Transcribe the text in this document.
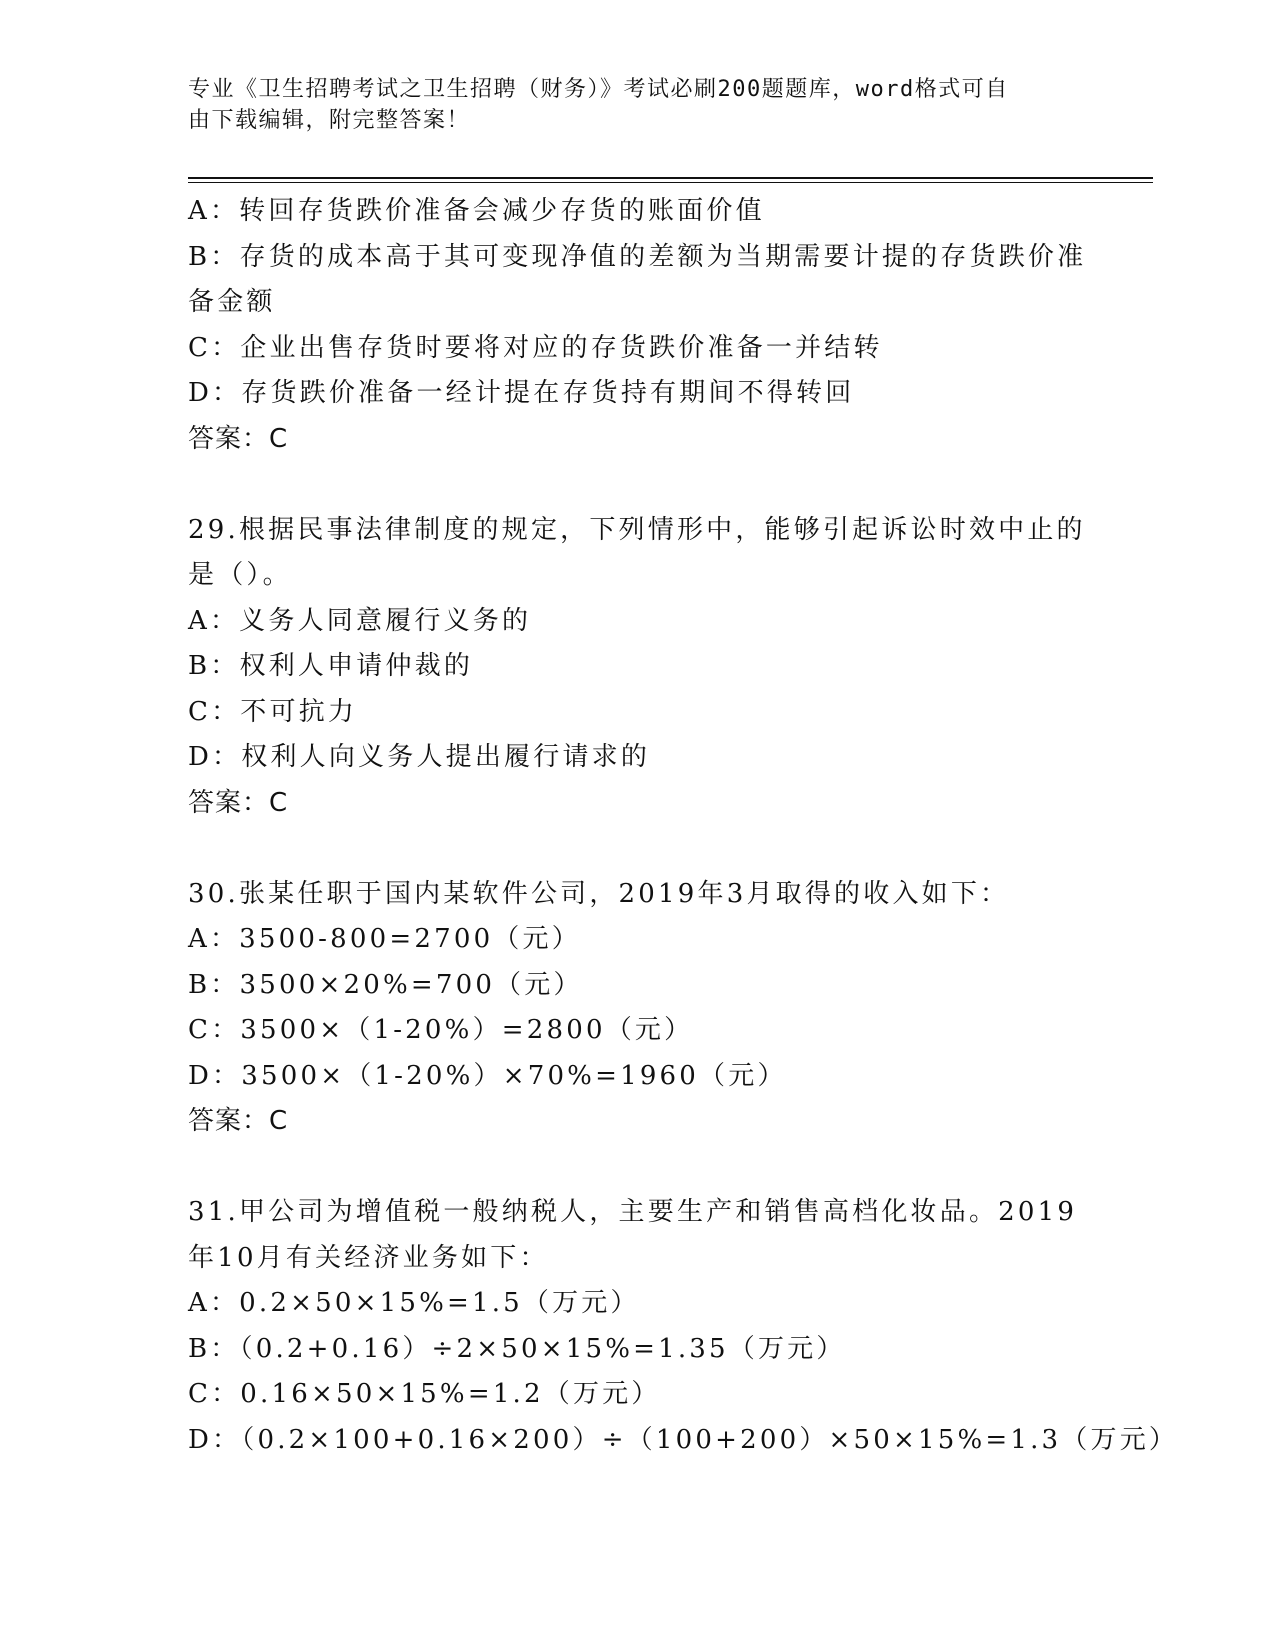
专业《卫生招聘考试之卫生招聘（财务）》考试必刷200题题库，word格式可自
由下载编辑，附完整答案！
A：转回存货跌价准备会减少存货的账面价值
B：存货的成本高于其可变现净值的差额为当期需要计提的存货跌价准
备金额
C：企业出售存货时要将对应的存货跌价准备一并结转
D：存货跌价准备一经计提在存货持有期间不得转回
答案：C
29.根据民事法律制度的规定，下列情形中，能够引起诉讼时效中止的
是（）。
A：义务人同意履行义务的
B：权利人申请仲裁的
C：不可抗力
D：权利人向义务人提出履行请求的
答案：C
30.张某任职于国内某软件公司，2019年3月取得的收入如下：
A：3500-800=2700（元）
B：3500×20%=700（元）
C：3500×（1-20%）=2800（元）
D：3500×（1-20%）×70%=1960（元）
答案：C
31.甲公司为增值税一般纳税人，主要生产和销售高档化妆品。2019
年10月有关经济业务如下：
A：0.2×50×15%=1.5（万元）
B：（0.2+0.16）÷2×50×15%=1.35（万元）
C：0.16×50×15%=1.2（万元）
D：（0.2×100+0.16×200）÷（100+200）×50×15%=1.3（万元）
